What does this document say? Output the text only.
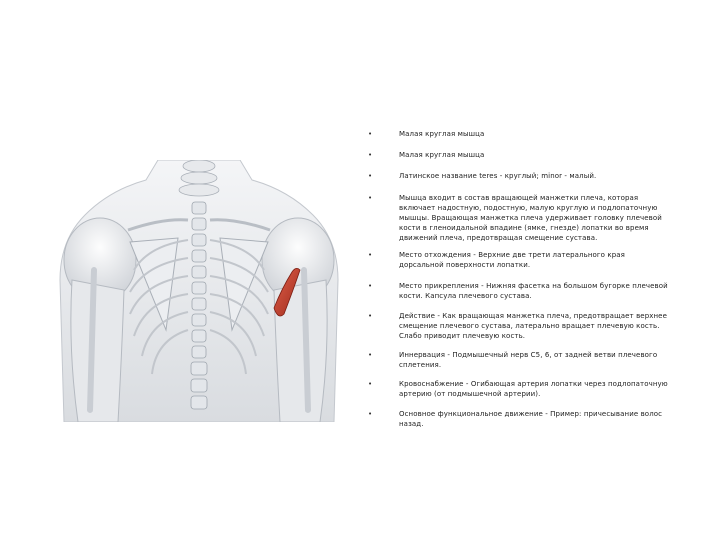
•	Малая круглая мышца
•	Малая круглая мышца
•	Латинское название teres - круглый; minor - малый.
•	Мышца входит в состав вращающей манжетки плеча, которая включает надостную, подостную, малую круглую и подлопаточную мышцы. Вращающая манжетка плеча удерживает головку плечевой кости в гленоидальной впадине (ямке, гнезде) лопатки во время движений плеча, предотвращая смещение сустава.
•	Место отхождения - Верхние две трети латерального края дорсальной поверхности лопатки.
•	Место прикрепления - Нижняя фасетка на большом бугорке плечевой кости. Капсула плечевого сустава.
•	Действие - Как вращающая манжетка плеча, предотвращает верхнее смещение плечевого сустава, латерально вращает плечевую кость. Слабо приводит плечевую кость.
•	Иннервация - Подмышечный нерв C5, 6, от задней ветви плечевого сплетения.
•	Кровоснабжение - Огибающая артерия лопатки через подлопаточную артерию (от подмышечной артерии).
•	Основное функциональное движение - Пример: причесывание волос назад.
